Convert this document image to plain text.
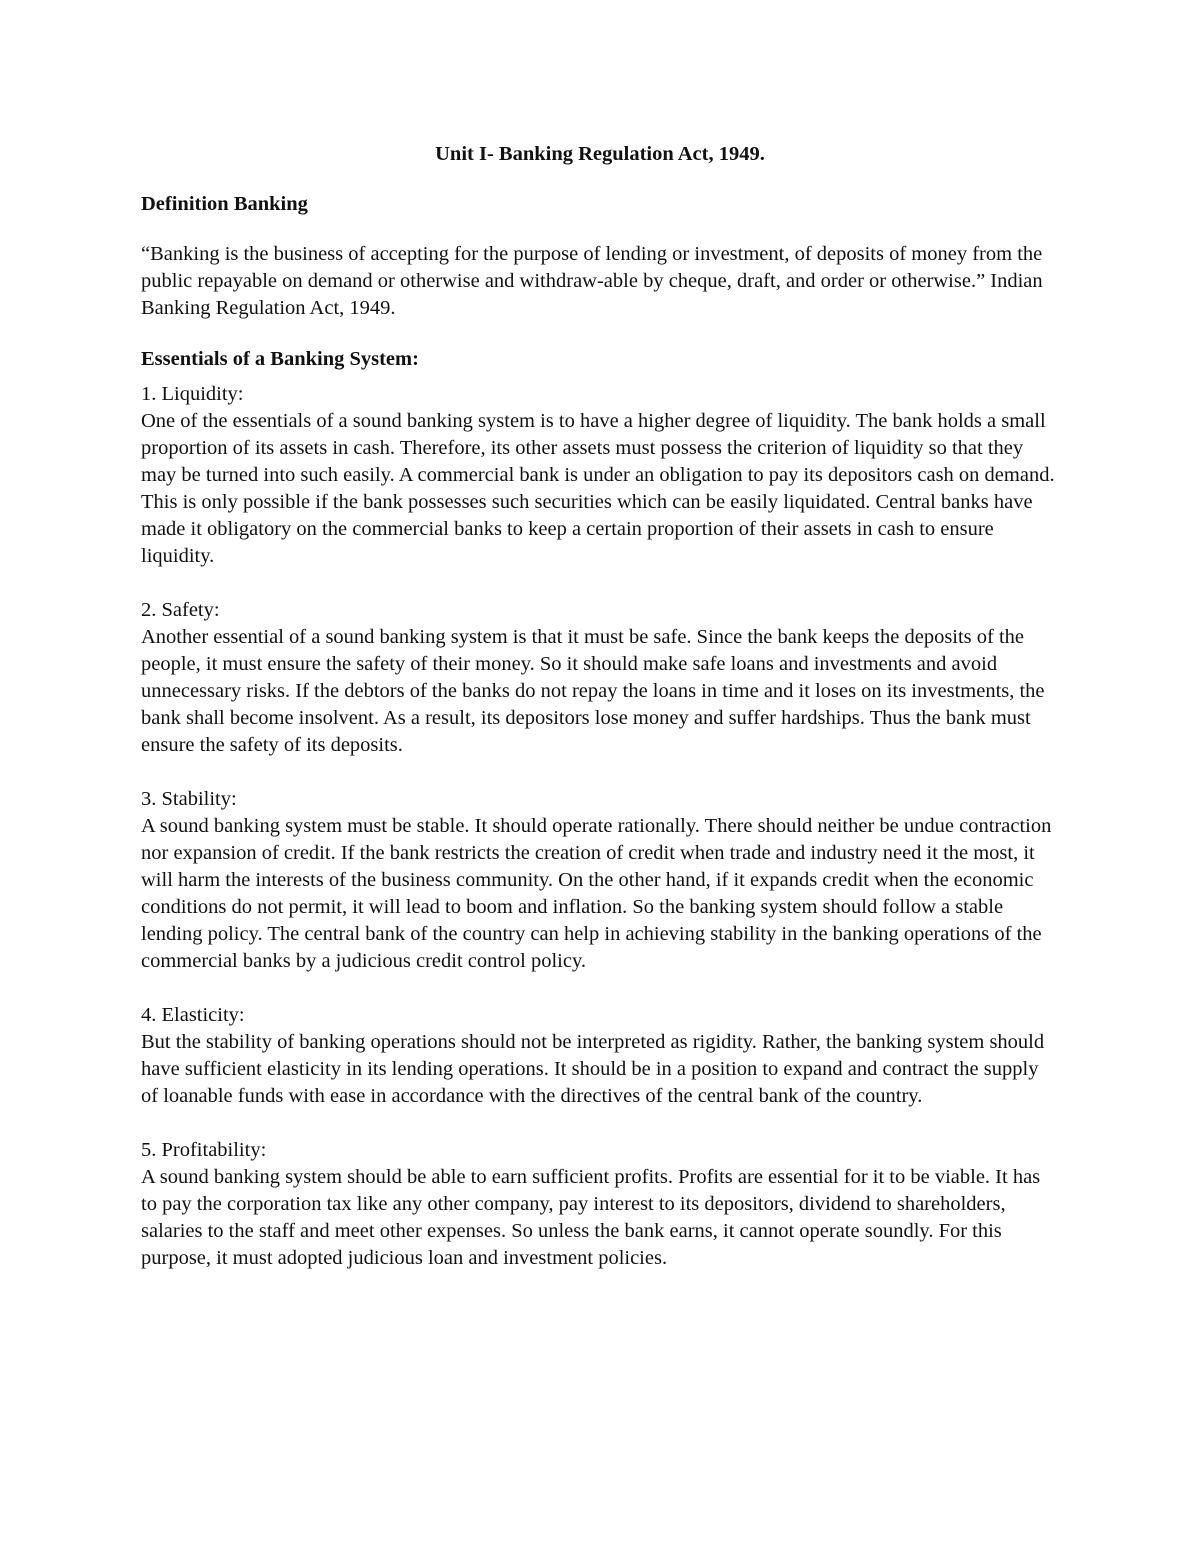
Unit I- Banking Regulation Act, 1949.
Definition Banking

“Banking is the business of accepting for the purpose of lending or investment, of deposits of money from the public repayable on demand or otherwise and withdraw-able by cheque, draft, and order or otherwise.” Indian Banking Regulation Act, 1949.

Essentials of a Banking System:
1. Liquidity:
One of the essentials of a sound banking system is to have a higher degree of liquidity. The bank holds a small proportion of its assets in cash. Therefore, its other assets must possess the criterion of liquidity so that they may be turned into such easily. A commercial bank is under an obligation to pay its depositors cash on demand. This is only possible if the bank possesses such securities which can be easily liquidated. Central banks have made it obligatory on the commercial banks to keep a certain proportion of their assets in cash to ensure liquidity.
2. Safety:
Another essential of a sound banking system is that it must be safe. Since the bank keeps the deposits of the people, it must ensure the safety of their money. So it should make safe loans and investments and avoid unnecessary risks. If the debtors of the banks do not repay the loans in time and it loses on its investments, the bank shall become insolvent. As a result, its depositors lose money and suffer hardships. Thus the bank must ensure the safety of its deposits.
3. Stability:
A sound banking system must be stable. It should operate rationally. There should neither be undue contraction nor expansion of credit. If the bank restricts the creation of credit when trade and industry need it the most, it will harm the interests of the business community. On the other hand, if it expands credit when the economic conditions do not permit, it will lead to boom and inflation. So the banking system should follow a stable lending policy. The central bank of the country can help in achieving stability in the banking operations of the commercial banks by a judicious credit control policy.
4. Elasticity:
But the stability of banking operations should not be interpreted as rigidity. Rather, the banking system should have sufficient elasticity in its lending operations. It should be in a position to expand and contract the supply of loanable funds with ease in accordance with the directives of the central bank of the country.
5. Profitability:
A sound banking system should be able to earn sufficient profits. Profits are essential for it to be viable. It has to pay the corporation tax like any other company, pay interest to its depositors, dividend to shareholders, salaries to the staff and meet other expenses. So unless the bank earns, it cannot operate soundly. For this purpose, it must adopted judicious loan and investment policies.
